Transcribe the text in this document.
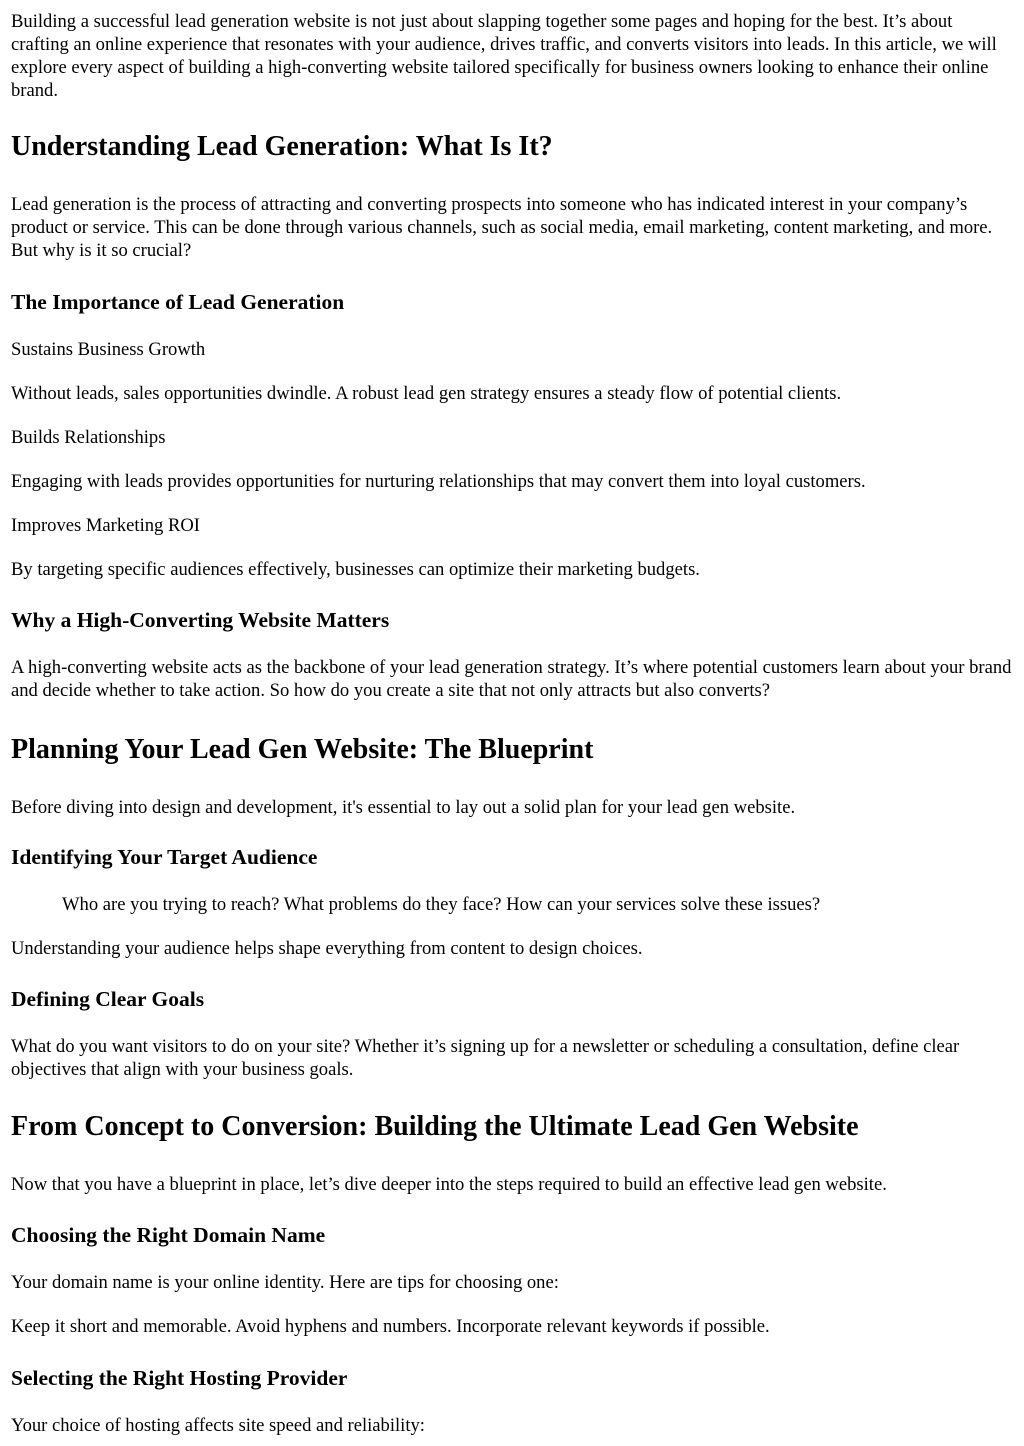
Building a successful lead generation website is not just about slapping together some pages and hoping for the best. It’s about crafting an online experience that resonates with your audience, drives traffic, and converts visitors into leads. In this article, we will explore every aspect of building a high-converting website tailored specifically for business owners looking to enhance their online brand.

Understanding Lead Generation: What Is It?

Lead generation is the process of attracting and converting prospects into someone who has indicated interest in your company’s product or service. This can be done through various channels, such as social media, email marketing, content marketing, and more. But why is it so crucial?

The Importance of Lead Generation

Sustains Business Growth

Without leads, sales opportunities dwindle. A robust lead gen strategy ensures a steady flow of potential clients.

Builds Relationships

Engaging with leads provides opportunities for nurturing relationships that may convert them into loyal customers.

Improves Marketing ROI

By targeting specific audiences effectively, businesses can optimize their marketing budgets.

Why a High-Converting Website Matters

A high-converting website acts as the backbone of your lead generation strategy. It’s where potential customers learn about your brand and decide whether to take action. So how do you create a site that not only attracts but also converts?

Planning Your Lead Gen Website: The Blueprint

Before diving into design and development, it's essential to lay out a solid plan for your lead gen website.

Identifying Your Target Audience

Who are you trying to reach? What problems do they face? How can your services solve these issues?

Understanding your audience helps shape everything from content to design choices.

Defining Clear Goals

What do you want visitors to do on your site? Whether it’s signing up for a newsletter or scheduling a consultation, define clear objectives that align with your business goals.

From Concept to Conversion: Building the Ultimate Lead Gen Website

Now that you have a blueprint in place, let’s dive deeper into the steps required to build an effective lead gen website.

Choosing the Right Domain Name

Your domain name is your online identity. Here are tips for choosing one:

Keep it short and memorable. Avoid hyphens and numbers. Incorporate relevant keywords if possible.

Selecting the Right Hosting Provider

Your choice of hosting affects site speed and reliability:
